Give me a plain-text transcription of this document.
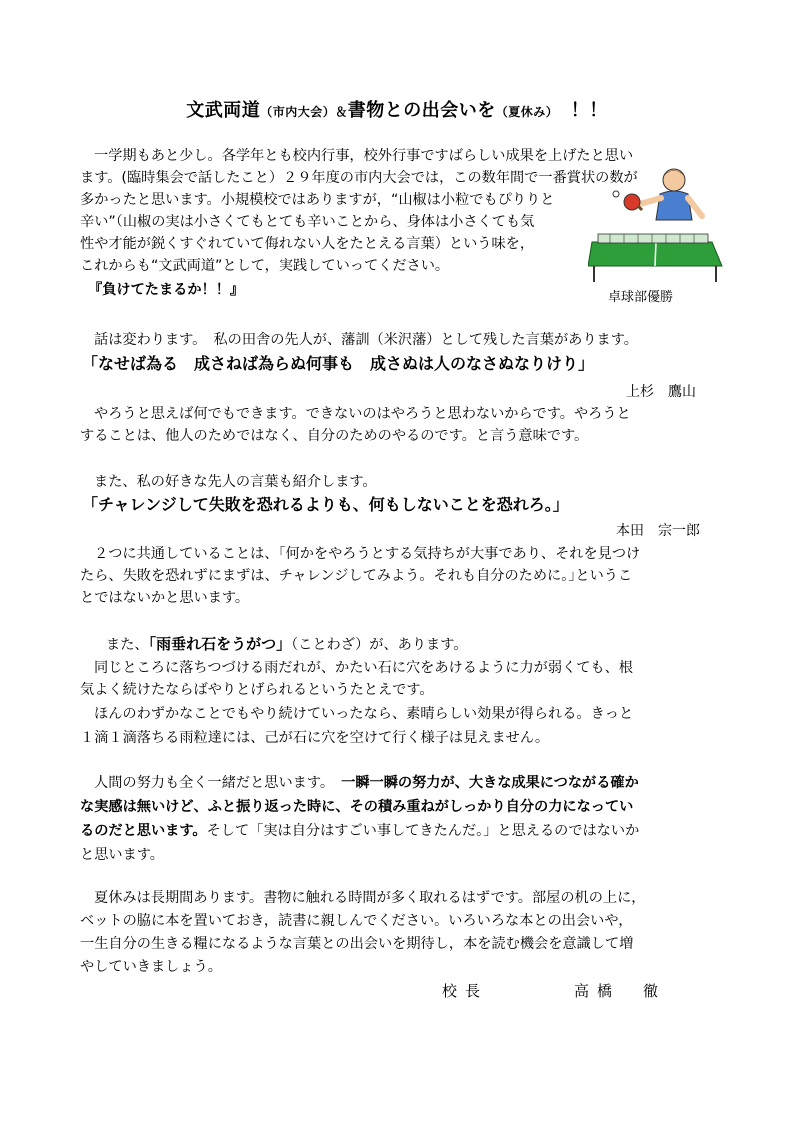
文武両道（市内大会）＆書物との出会いを（夏休み）　 ！！
一学期もあと少し。各学年とも校内行事，校外行事ですばらしい成果を上げたと思い
ます。(臨時集会で話したこと）２９年度の市内大会では，この数年間で一番賞状の数が
多かったと思います。小規模校ではありますが，“山椒は小粒でもぴりりと
辛い”（山椒の実は小さくてもとても辛いことから、身体は小さくても気
性や才能が鋭くすぐれていて侮れない人をたとえる言葉）という味を，
これからも“文武両道”として，実践していってください。
『負けてたまるか！！』	卓球部優勝
話は変わります。　私の田舎の先人が、藩訓（米沢藩）として残した言葉があります。
「なせば為る　成さねば為らぬ何事も　成さぬは人のなさぬなりけり」
上杉　鷹山
やろうと思えば何でもできます。できないのはやろうと思わないからです。やろうと
することは、他人のためではなく、自分のためのやるのです。と言う意味です。
また、私の好きな先人の言葉も紹介します。
「チャレンジして失敗を恐れるよりも、何もしないことを恐れろ。」
本田　宗一郎
２つに共通していることは、｢何かをやろうとする気持ちが大事であり、それを見つけ
たら、失敗を恐れずにまずは、チャレンジしてみよう。それも自分のために。｣というこ
とではないかと思います。
また、「雨垂れ石をうがつ」（ことわざ）が、あります。
同じところに落ちつづける雨だれが、かたい石に穴をあけるように力が弱くても、根
気よく続けたならばやりとげられるというたとえです。
ほんのわずかなことでもやり続けていったなら、素晴らしい効果が得られる。きっと
１滴１滴落ちる雨粒達には、己が石に穴を空けて行く様子は見えません。
人間の努力も全く一緒だと思います。　 一瞬一瞬の努力が、大きな成果につながる確か
な実感は無いけど、ふと振り返った時に、その積み重ねがしっかり自分の力になってい
るのだと思います。そして「実は自分はすごい事してきたんだ。」と思えるのではないか
と思います。
夏休みは長期間あります。書物に触れる時間が多く取れるはずです。部屋の机の上に，
ベットの脇に本を置いておき，読書に親しんでください。いろいろな本との出会いや，
一生自分の生きる糧になるような言葉との出会いを期待し，本を読む機会を意識して増
やしていきましょう。
校長	高橋　徹
